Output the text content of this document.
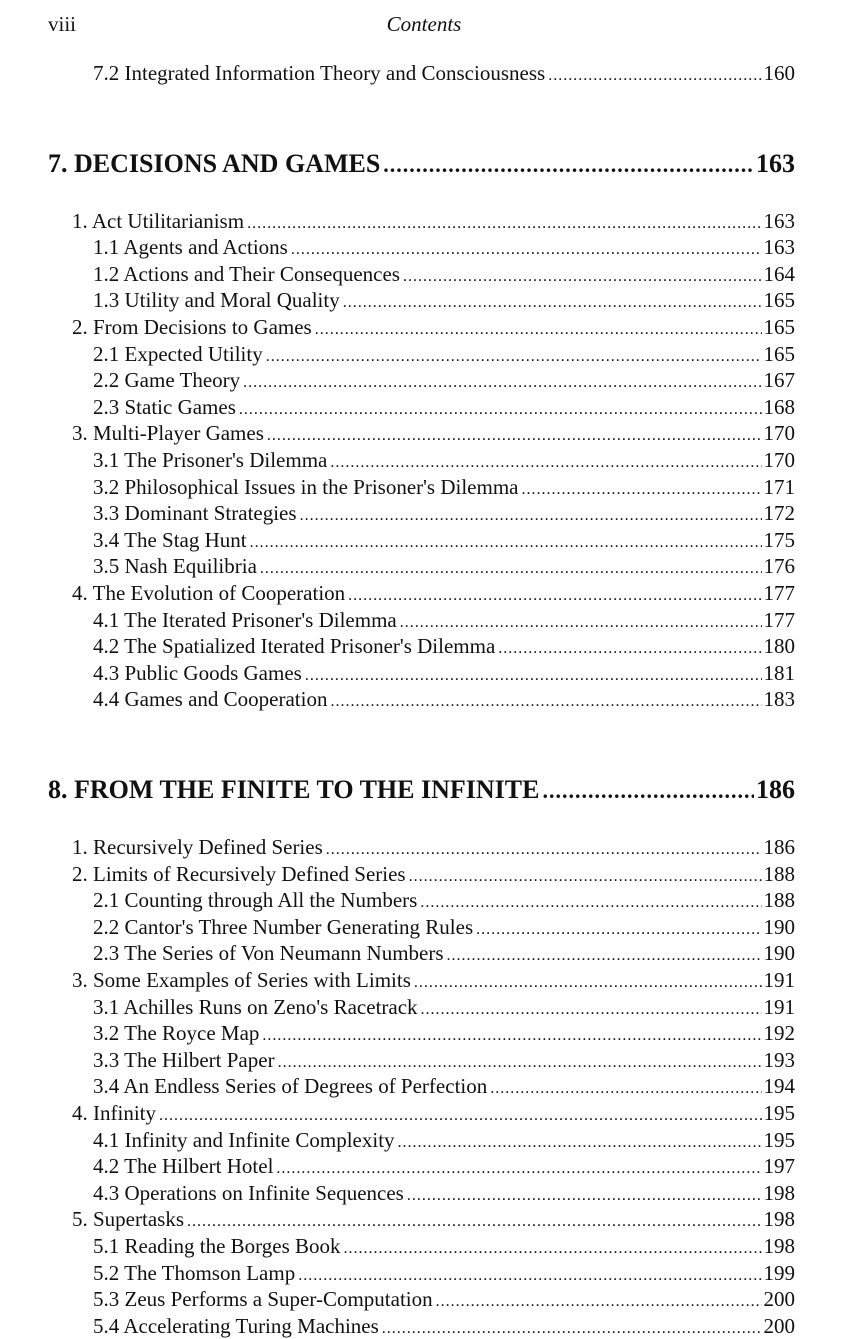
viii	Contents
7.2 Integrated Information Theory and Consciousness .....	160
7. DECISIONS AND GAMES .....	163
1. Act Utilitarianism .....	163
1.1 Agents and Actions .....	163
1.2 Actions and Their Consequences .....	164
1.3 Utility and Moral Quality .....	165
2. From Decisions to Games .....	165
2.1 Expected Utility .....	165
2.2 Game Theory .....	167
2.3 Static Games .....	168
3. Multi-Player Games .....	170
3.1 The Prisoner's Dilemma .....	170
3.2 Philosophical Issues in the Prisoner's Dilemma .....	171
3.3 Dominant Strategies .....	172
3.4 The Stag Hunt .....	175
3.5 Nash Equilibria .....	176
4. The Evolution of Cooperation .....	177
4.1 The Iterated Prisoner's Dilemma .....	177
4.2 The Spatialized Iterated Prisoner's Dilemma .....	180
4.3 Public Goods Games .....	181
4.4 Games and Cooperation .....	183
8. FROM THE FINITE TO THE INFINITE .....	186
1. Recursively Defined Series .....	186
2. Limits of Recursively Defined Series .....	188
2.1 Counting through All the Numbers .....	188
2.2 Cantor's Three Number Generating Rules .....	190
2.3 The Series of Von Neumann Numbers .....	190
3. Some Examples of Series with Limits .....	191
3.1 Achilles Runs on Zeno's Racetrack .....	191
3.2 The Royce Map .....	192
3.3 The Hilbert Paper .....	193
3.4 An Endless Series of Degrees of Perfection .....	194
4. Infinity .....	195
4.1 Infinity and Infinite Complexity .....	195
4.2 The Hilbert Hotel .....	197
4.3 Operations on Infinite Sequences .....	198
5. Supertasks .....	198
5.1 Reading the Borges Book .....	198
5.2 The Thomson Lamp .....	199
5.3 Zeus Performs a Super-Computation .....	200
5.4 Accelerating Turing Machines .....	200
